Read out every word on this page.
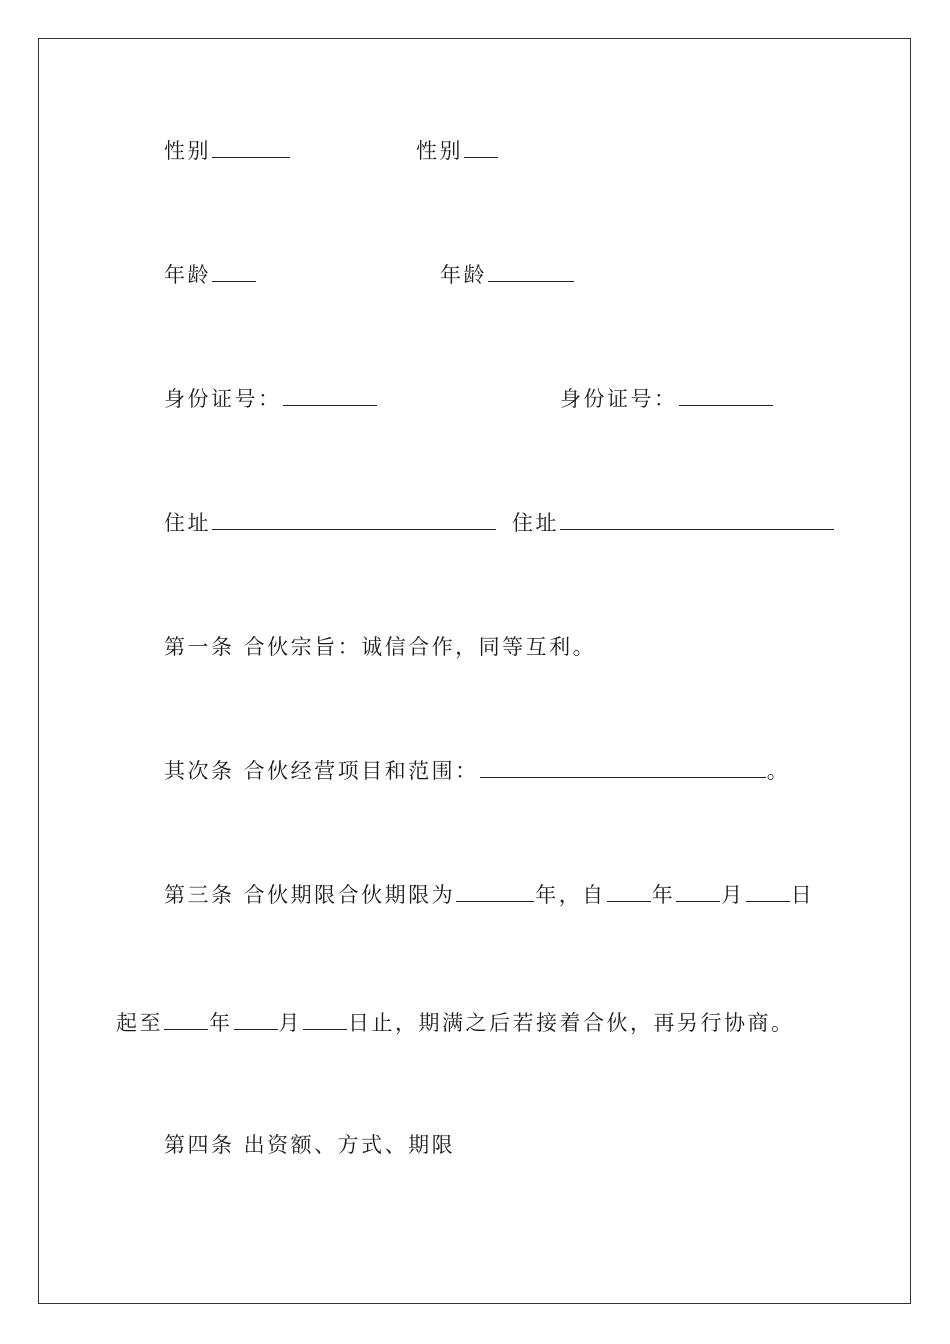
性别	性别
年龄	年龄
身份证号：	身份证号：
住址	住址
第一条 合伙宗旨：诚信合作，同等互利。
其次条 合伙经营项目和范围：	。
第三条 合伙期限合伙期限为	年，自 年 月 日
起至 年 月 日止，期满之后若接着合伙，再另行协商。
第四条 出资额、方式、期限
